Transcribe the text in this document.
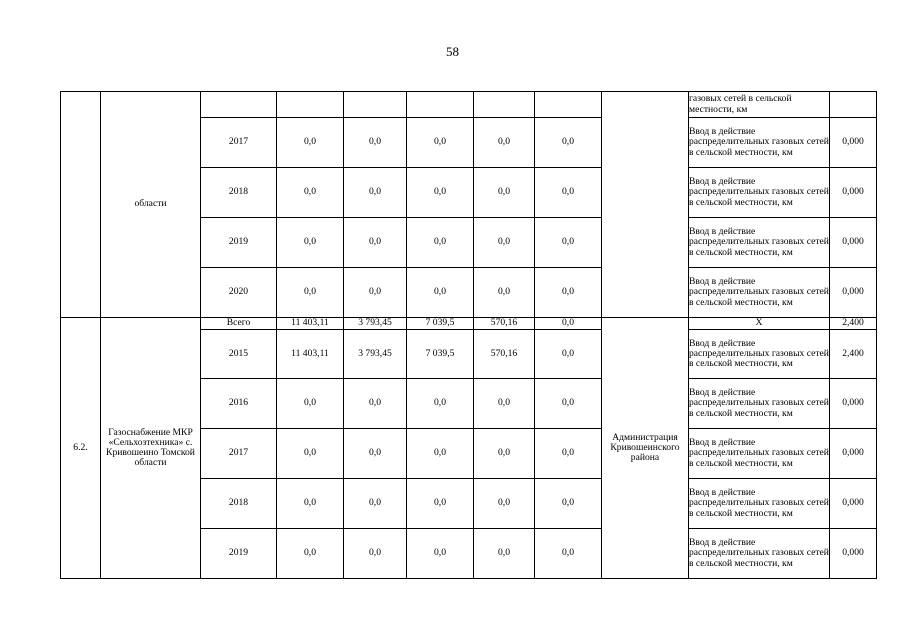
58
	области								газовых сетей в сельской местности, км	
		2017	0,0	0,0	0,0	0,0	0,0		Ввод в действие распределительных газовых сетей в сельской местности, км	0,000
		2018	0,0	0,0	0,0	0,0	0,0		Ввод в действие распределительных газовых сетей в сельской местности, км	0,000
		2019	0,0	0,0	0,0	0,0	0,0		Ввод в действие распределительных газовых сетей в сельской местности, км	0,000
		2020	0,0	0,0	0,0	0,0	0,0		Ввод в действие распределительных газовых сетей в сельской местности, км	0,000
6.2.	Газоснабжение МКР «Сельхозтехника» с. Кривошеино Томской области	Всего	11 403,11	3 793,45	7 039,5	570,16	0,0	Администрация Кривошеинского района	Х	2,400
		2015	11 403,11	3 793,45	7 039,5	570,16	0,0		Ввод в действие распределительных газовых сетей в сельской местности, км	2,400
		2016	0,0	0,0	0,0	0,0	0,0		Ввод в действие распределительных газовых сетей в сельской местности, км	0,000
		2017	0,0	0,0	0,0	0,0	0,0		Ввод в действие распределительных газовых сетей в сельской местности, км	0,000
		2018	0,0	0,0	0,0	0,0	0,0		Ввод в действие распределительных газовых сетей в сельской местности, км	0,000
		2019	0,0	0,0	0,0	0,0	0,0		Ввод в действие распределительных газовых сетей в сельской местности, км	0,000
